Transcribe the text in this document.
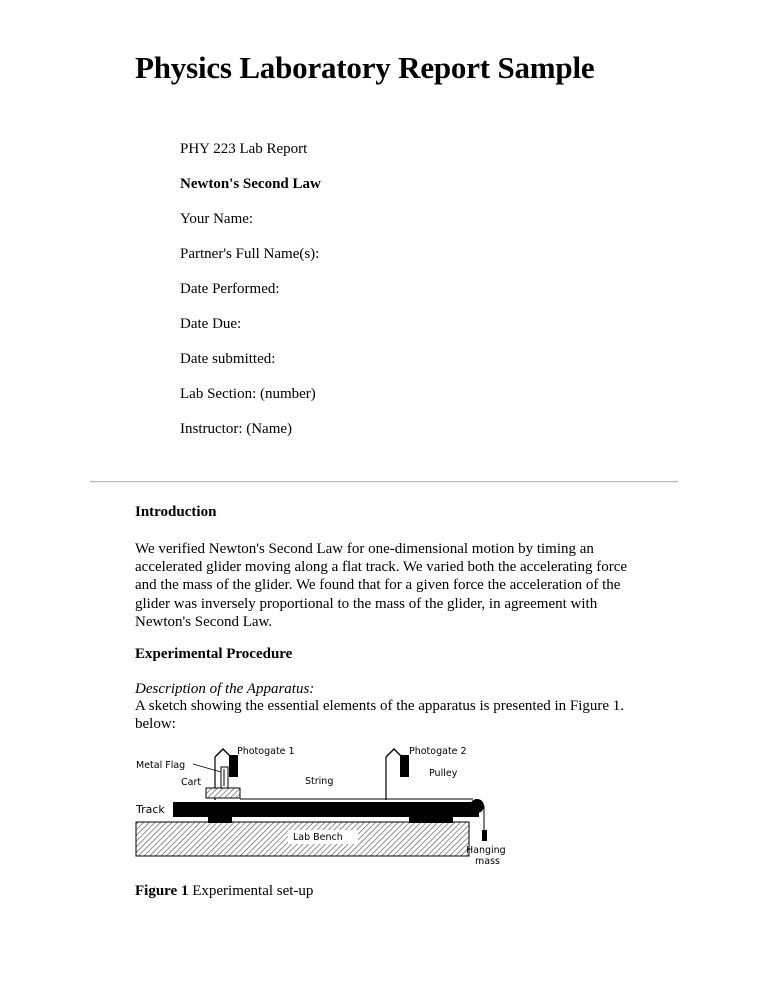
Physics Laboratory Report Sample
PHY 223 Lab Report
Newton's Second Law
Your Name:
Partner's Full Name(s):
Date Performed:
Date Due:
Date submitted:
Lab Section: (number)
Instructor: (Name)
Introduction

We verified Newton's Second Law for one-dimensional motion by timing an accelerated glider moving along a flat track. We varied both the accelerating force and the mass of the glider. We found that for a given force the acceleration of the glider was inversely proportional to the mass of the glider, in agreement with Newton's Second Law.

Experimental Procedure
Description of the Apparatus:

A sketch showing the essential elements of the apparatus is presented in Figure 1. below:

Lab Bench
Track
Photogate 1	Photogate 2
Metal Flag
Cart	String
Pulley
Hanging
mass
Figure 1 Experimental set-up
